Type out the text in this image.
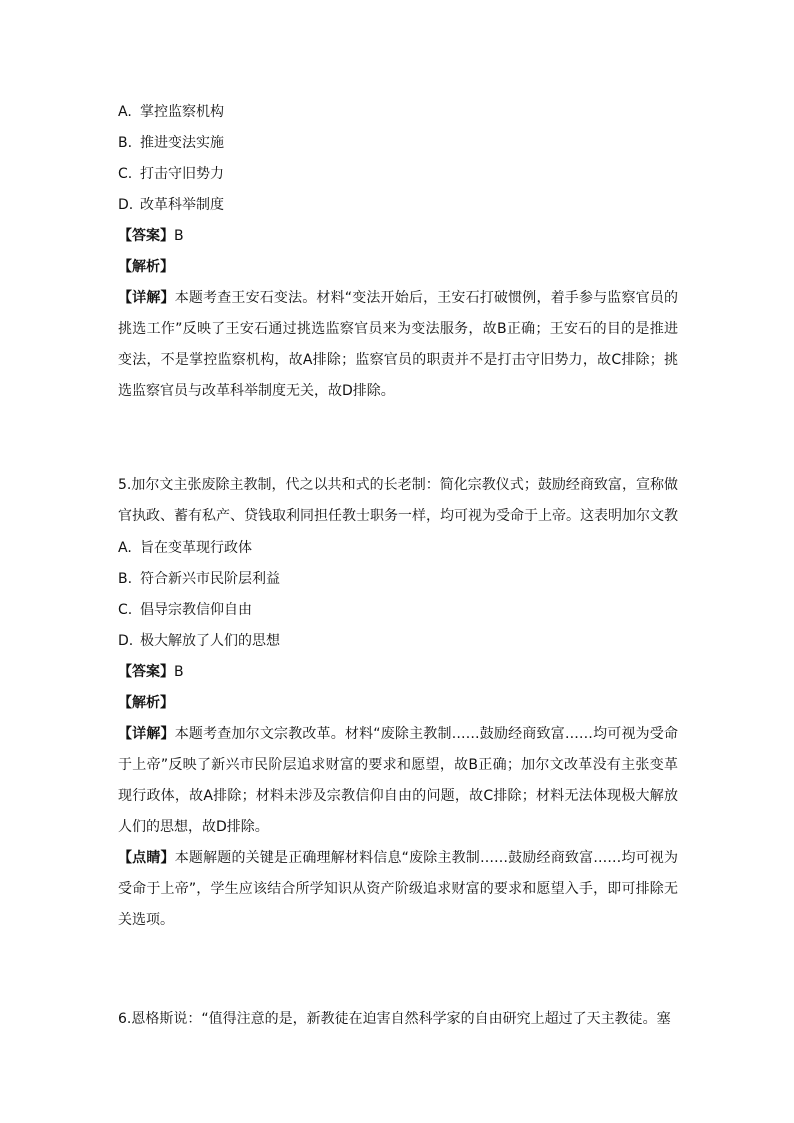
A. 掌控监察机构
B. 推进变法实施
C. 打击守旧势力
D. 改革科举制度
【答案】B
【解析】
【详解】本题考查王安石变法。材料“变法开始后，王安石打破惯例，着手参与监察官员的挑选工作”反映了王安石通过挑选监察官员来为变法服务，故B正确；王安石的目的是推进变法，不是掌控监察机构，故A排除；监察官员的职责并不是打击守旧势力，故C排除；挑选监察官员与改革科举制度无关，故D排除。
5.加尔文主张废除主教制，代之以共和式的长老制：简化宗教仪式；鼓励经商致富，宣称做官执政、蓄有私产、贷钱取利同担任教士职务一样，均可视为受命于上帝。这表明加尔文教
A. 旨在变革现行政体
B. 符合新兴市民阶层利益
C. 倡导宗教信仰自由
D. 极大解放了人们的思想
【答案】B
【解析】
【详解】本题考查加尔文宗教改革。材料“废除主教制……鼓励经商致富……均可视为受命于上帝”反映了新兴市民阶层追求财富的要求和愿望，故B正确；加尔文改革没有主张变革现行政体，故A排除；材料未涉及宗教信仰自由的问题，故C排除；材料无法体现极大解放人们的思想，故D排除。
【点睛】本题解题的关键是正确理解材料信息“废除主教制……鼓励经商致富……均可视为受命于上帝”，学生应该结合所学知识从资产阶级追求财富的要求和愿望入手，即可排除无关选项。
6.恩格斯说：“值得注意的是，新教徒在迫害自然科学家的自由研究上超过了天主教徒。塞
